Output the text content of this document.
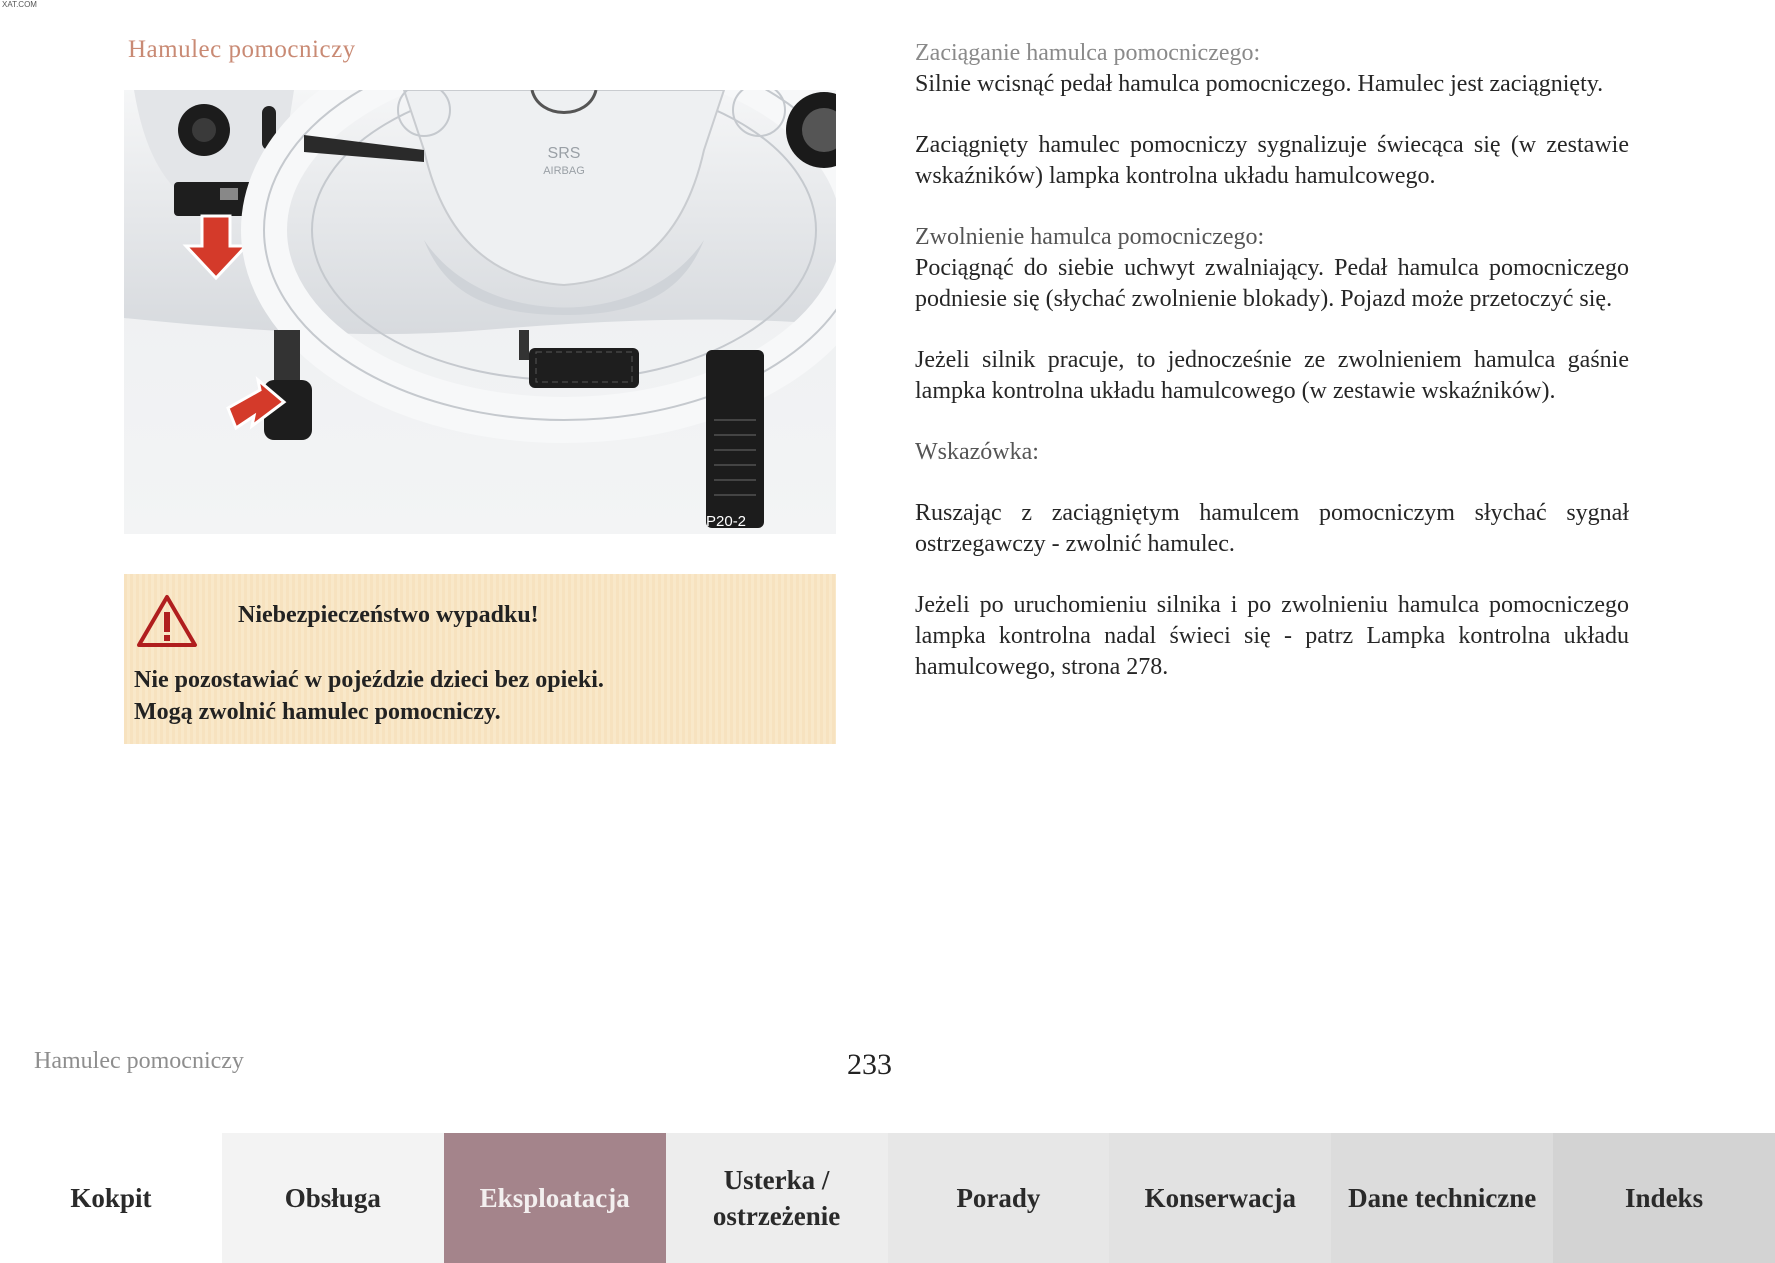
XAT.COM
Hamulec pomocniczy
SRS
AIRBAG
P20-2
Niebezpieczeństwo wypadku!
Nie pozostawiać w pojeździe dzieci bez opieki.
Mogą zwolnić hamulec pomocniczy.

Zaciąganie hamulca pomocniczego:
Silnie wcisnąć pedał hamulca pomocniczego. Hamulec jest zaciągnięty.

Zaciągnięty hamulec pomocniczy sygnalizuje świecąca się (w zestawie wskaźników) lampka kontrolna układu hamulcowego.

Zwolnienie hamulca pomocniczego:
Pociągnąć do siebie uchwyt zwalniający. Pedał hamulca pomocniczego podniesie się (słychać zwolnienie blokady). Pojazd może przetoczyć się.

Jeżeli silnik pracuje, to jednocześnie ze zwolnieniem hamulca gaśnie lampka kontrolna układu hamulcowego (w zestawie wskaźników).

Wskazówka:

Ruszając z zaciągniętym hamulcem pomocniczym słychać sygnał ostrzegawczy - zwolnić hamulec.

Jeżeli po uruchomieniu silnika i po zwolnieniu hamulca pomocniczego lampka kontrolna nadal świeci się - patrz Lampka kontrolna układu hamulcowego, strona 278.

Hamulec pomocniczy	233
Kokpit	Obsługa	Eksploatacja
Usterka / ostrzeżenie
Porady	Konserwacja	Dane techniczne	Indeks
